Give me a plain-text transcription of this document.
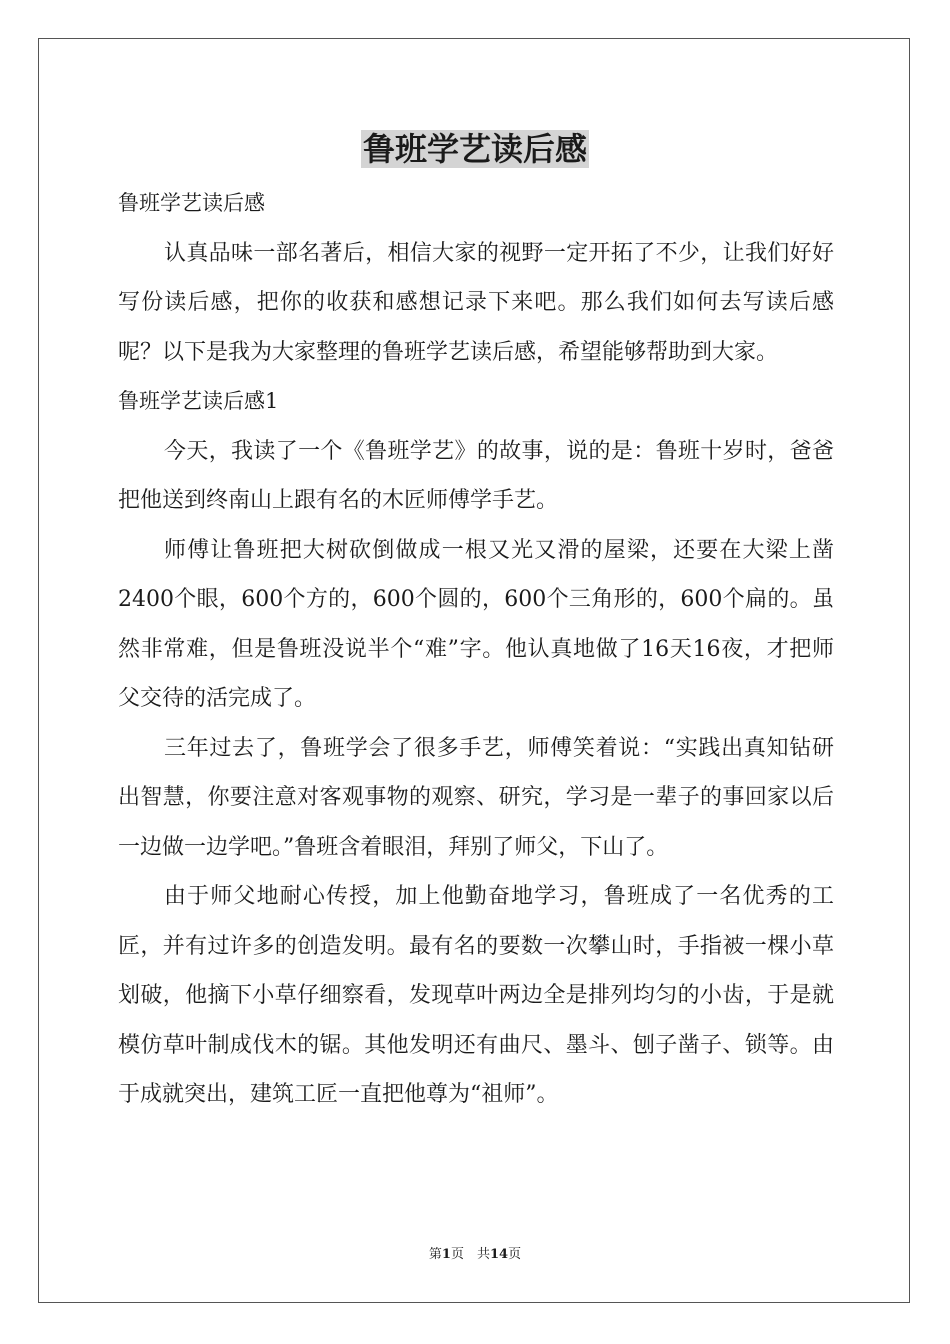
鲁班学艺读后感

鲁班学艺读后感

认真品味一部名著后，相信大家的视野一定开拓了不少，让我们好好写份读后感，把你的收获和感想记录下来吧。那么我们如何去写读后感呢？以下是我为大家整理的鲁班学艺读后感，希望能够帮助到大家。

鲁班学艺读后感1

今天，我读了一个《鲁班学艺》的故事，说的是：鲁班十岁时，爸爸把他送到终南山上跟有名的木匠师傅学手艺。

师傅让鲁班把大树砍倒做成一根又光又滑的屋梁，还要在大梁上凿2400个眼，600个方的，600个圆的，600个三角形的，600个扁的。虽然非常难，但是鲁班没说半个“难”字。他认真地做了16天16夜，才把师父交待的活完成了。

三年过去了，鲁班学会了很多手艺，师傅笑着说：“实践出真知钻研出智慧，你要注意对客观事物的观察、研究，学习是一辈子的事回家以后一边做一边学吧。”鲁班含着眼泪，拜别了师父，下山了。

由于师父地耐心传授，加上他勤奋地学习，鲁班成了一名优秀的工匠，并有过许多的创造发明。最有名的要数一次攀山时，手指被一棵小草划破，他摘下小草仔细察看，发现草叶两边全是排列均匀的小齿，于是就模仿草叶制成伐木的锯。其他发明还有曲尺、墨斗、刨子凿子、锁等。由于成就突出，建筑工匠一直把他尊为“祖师”。

第1页　共14页
